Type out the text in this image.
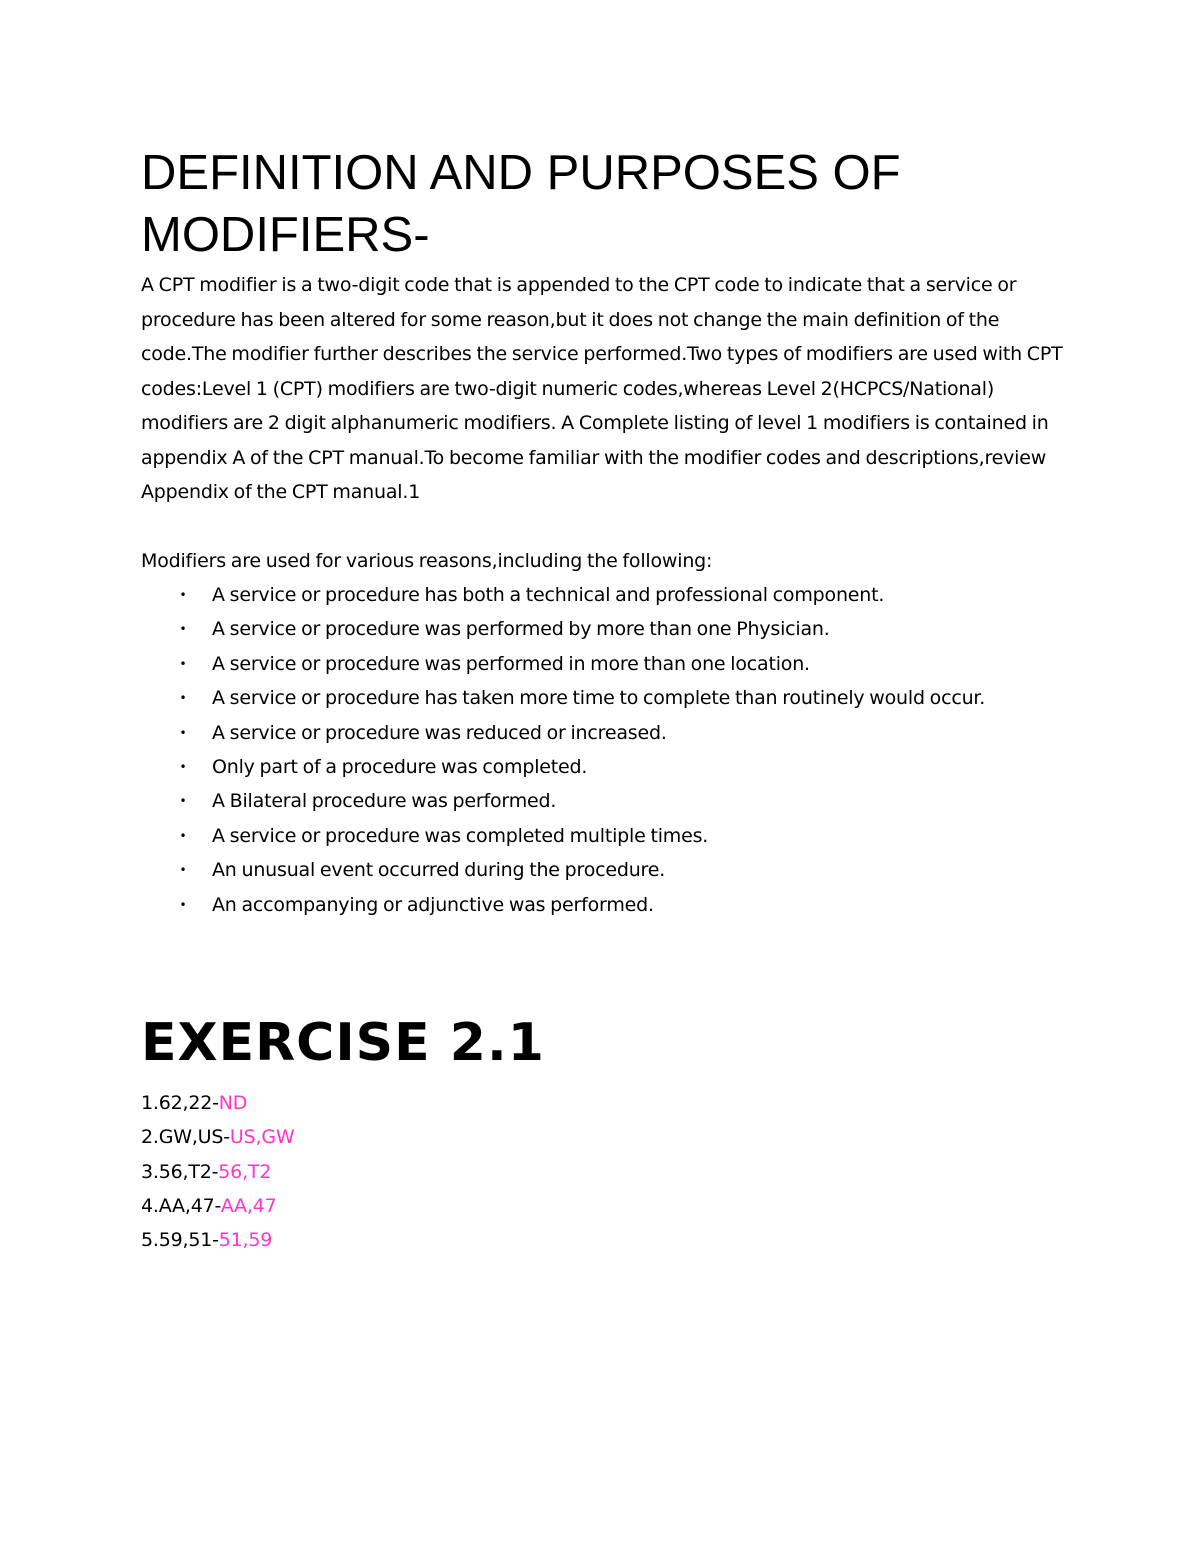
DEFINITION AND PURPOSES OF MODIFIERS-

A CPT modifier is a two-digit code that is appended to the CPT code to indicate that a service or procedure has been altered for some reason,but it does not change the main definition of the code.The modifier further describes the service performed.Two types of modifiers are used with CPT codes:Level 1 (CPT) modifiers are two-digit numeric codes,whereas Level 2(HCPCS/National) modifiers are 2 digit alphanumeric modifiers. A Complete listing of level 1 modifiers is contained in appendix A of the CPT manual.To become familiar with the modifier codes and descriptions,review Appendix of the CPT manual.1

Modifiers are used for various reasons,including the following:

• A service or procedure has both a technical and professional component.
• A service or procedure was performed by more than one Physician.
• A service or procedure was performed in more than one location.
• A service or procedure has taken more time to complete than routinely would occur.
• A service or procedure was reduced or increased.
• Only part of a procedure was completed.
• A Bilateral procedure was performed.
• A service or procedure was completed multiple times.
• An unusual event occurred during the procedure.
• An accompanying or adjunctive was performed.
EXERCISE 2.1
1.62,22-ND
2.GW,US-US,GW
3.56,T2-56,T2
4.AA,47-AA,47
5.59,51-51,59
